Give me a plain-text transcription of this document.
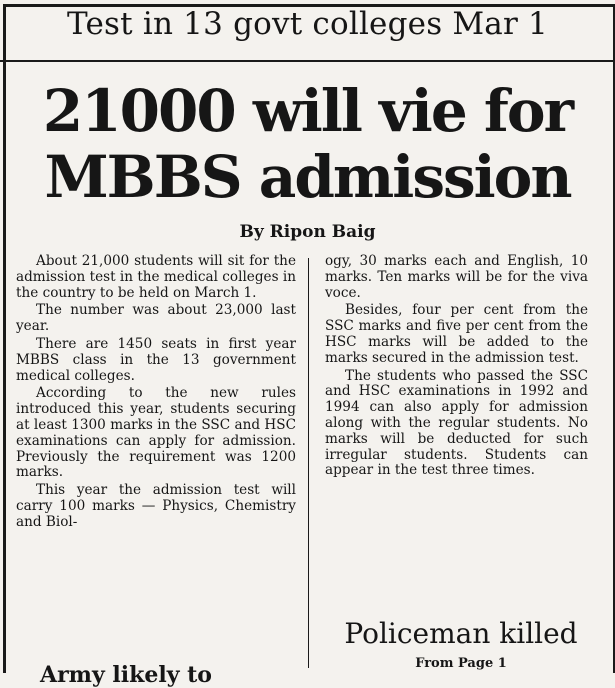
Test in 13 govt colleges Mar 1
21000 will vie for
MBBS admission
By Ripon Baig

About 21,000 students will sit for the admission test in the medical colleges in the country to be held on March 1.

The number was about 23,000 last year.

There are 1450 seats in first year MBBS class in the 13 government medical colleges.

According to the new rules introduced this year, students securing at least 1300 marks in the SSC and HSC examinations can apply for admission. Previously the requirement was 1200 marks.

This year the admission test will carry 100 marks — Physics, Chemistry and Biol-

ogy, 30 marks each and English, 10 marks. Ten marks will be for the viva voce.

Besides, four per cent from the SSC marks and five per cent from the HSC marks will be added to the marks secured in the admission test.

The students who passed the SSC and HSC examinations in 1992 and 1994 can also apply for admission along with the regular students. No marks will be deducted for such irregular students. Students can appear in the test three times.

Policeman killed
From Page 1
Army likely to
